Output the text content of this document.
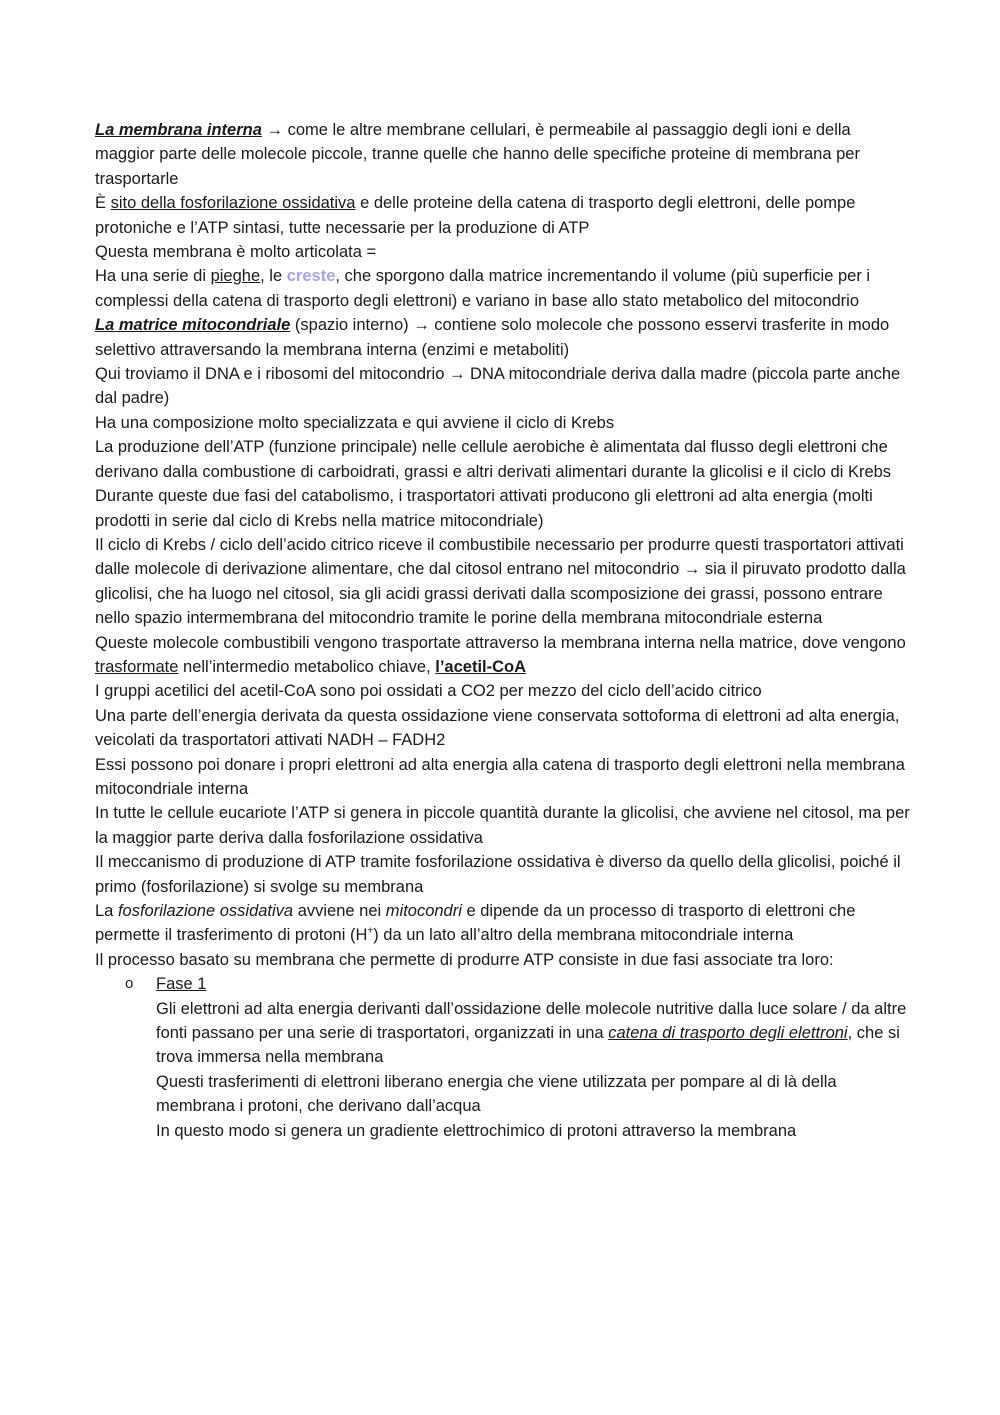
La membrana interna → come le altre membrane cellulari, è permeabile al passaggio degli ioni e della maggior parte delle molecole piccole, tranne quelle che hanno delle specifiche proteine di membrana per trasportarle

È sito della fosforilazione ossidativa e delle proteine della catena di trasporto degli elettroni, delle pompe protoniche e l’ATP sintasi, tutte necessarie per la produzione di ATP

Questa membrana è molto articolata =

Ha una serie di pieghe, le creste, che sporgono dalla matrice incrementando il volume (più superficie per i complessi della catena di trasporto degli elettroni) e variano in base allo stato metabolico del mitocondrio

La matrice mitocondriale (spazio interno) → contiene solo molecole che possono esservi trasferite in modo selettivo attraversando la membrana interna (enzimi e metaboliti)

Qui troviamo il DNA e i ribosomi del mitocondrio → DNA mitocondriale deriva dalla madre (piccola parte anche dal padre)

Ha una composizione molto specializzata e qui avviene il ciclo di Krebs

La produzione dell’ATP (funzione principale) nelle cellule aerobiche è alimentata dal flusso degli elettroni che derivano dalla combustione di carboidrati, grassi e altri derivati alimentari durante la glicolisi e il ciclo di Krebs

Durante queste due fasi del catabolismo, i trasportatori attivati producono gli elettroni ad alta energia (molti prodotti in serie dal ciclo di Krebs nella matrice mitocondriale)

Il ciclo di Krebs / ciclo dell’acido citrico riceve il combustibile necessario per produrre questi trasportatori attivati dalle molecole di derivazione alimentare, che dal citosol entrano nel mitocondrio → sia il piruvato prodotto dalla glicolisi, che ha luogo nel citosol, sia gli acidi grassi derivati dalla scomposizione dei grassi, possono entrare nello spazio intermembrana del mitocondrio tramite le porine della membrana mitocondriale esterna

Queste molecole combustibili vengono trasportate attraverso la membrana interna nella matrice, dove vengono trasformate nell’intermedio metabolico chiave, l’acetil-CoA

I gruppi acetilici del acetil-CoA sono poi ossidati a CO2 per mezzo del ciclo dell’acido citrico

Una parte dell’energia derivata da questa ossidazione viene conservata sottoforma di elettroni ad alta energia, veicolati da trasportatori attivati NADH – FADH2

Essi possono poi donare i propri elettroni ad alta energia alla catena di trasporto degli elettroni nella membrana mitocondriale interna

In tutte le cellule eucariote l’ATP si genera in piccole quantità durante la glicolisi, che avviene nel citosol, ma per la maggior parte deriva dalla fosforilazione ossidativa

Il meccanismo di produzione di ATP tramite fosforilazione ossidativa è diverso da quello della glicolisi, poiché il primo (fosforilazione) si svolge su membrana

La fosforilazione ossidativa avviene nei mitocondri e dipende da un processo di trasporto di elettroni che permette il trasferimento di protoni (H+) da un lato all’altro della membrana mitocondriale interna

Il processo basato su membrana che permette di produrre ATP consiste in due fasi associate tra loro:

o Fase 1
Gli elettroni ad alta energia derivanti dall’ossidazione delle molecole nutritive dalla luce solare / da altre fonti passano per una serie di trasportatori, organizzati in una catena di trasporto degli elettroni, che si trova immersa nella membrana
Questi trasferimenti di elettroni liberano energia che viene utilizzata per pompare al di là della membrana i protoni, che derivano dall’acqua
In questo modo si genera un gradiente elettrochimico di protoni attraverso la membrana
